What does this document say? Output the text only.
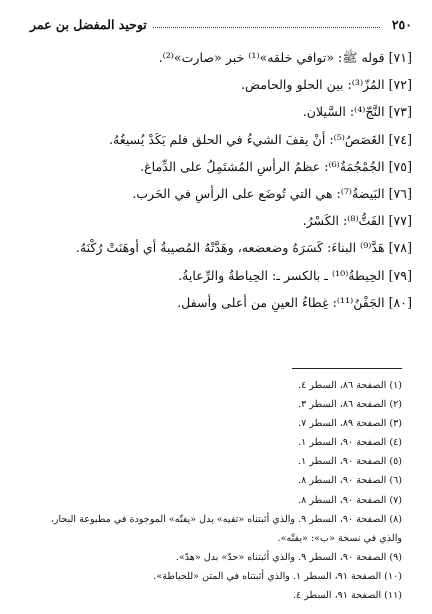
٢٥٠
توحيد المفضل بن عمر
[٧١] قوله ﷺ: «توافي خلقه»⁽¹⁾ خبر «صارت»⁽²⁾.
[٧٢] المُزّ⁽³⁾: بين الحلو والحامض.
[٧٣] النَّجّ⁽⁴⁾: السَّيلان.
[٧٤] الغَصَصُ⁽⁵⁾: أنْ يقفَ الشيءُ في الحلق فلم يَكَدْ يُسيغُهُ.
[٧٥] الجُمْجُمَةُ⁽⁶⁾: عظمُ الرأسِ المُشتَمِلُ على الدِّماغ.
[٧٦] البَيضةُ⁽⁷⁾: هي التي تُوضَع على الرأسِ في الحَرب.
[٧٧] الفَتُّ⁽⁸⁾: الكَسْرُ.
[٧٨] هَدَّ⁽⁹⁾ البناءَ: كَسَرَهُ وضعضعه، وهَدَّتْهُ المُصيبةُ أي أوهَنَتْ رُكْنَهُ.
[٧٩] الحِيطةُ⁽¹⁰⁾ ـ بالكسر ـ: الحِياطةُ والرِّعايةُ.
[٨٠] الجَفْنُ⁽¹¹⁾: غِطاءُ العينِ من أعلى وأسفل.
(١) الصفحة ٨٦، السطر ٤.
(٢) الصفحة ٨٦، السطر ٣.
(٣) الصفحة ٨٩، السطر ٧.
(٤) الصفحة ٩٠، السطر ١.
(٥) الصفحة ٩٠، السطر ١.
(٦) الصفحة ٩٠، السطر ٨.
(٧) الصفحة ٩٠، السطر ٨.
(٨) الصفحة ٩٠، السطر ٩. والذي أثبتناه «تفيه» بدل «يفتّه» الموجودة في مطبوعة البحار،
والذي في نسخة «ب»: «يفتّه».
(٩) الصفحة ٩٠، السطر ٩. والذي أثبتناه «حدّ» بدل «هدّ».
(١٠) الصفحة ٩١، السطر ١. والذي أثبتناه في المتن «للحياطة».
(١١) الصفحة ٩١، السطر ٤.
